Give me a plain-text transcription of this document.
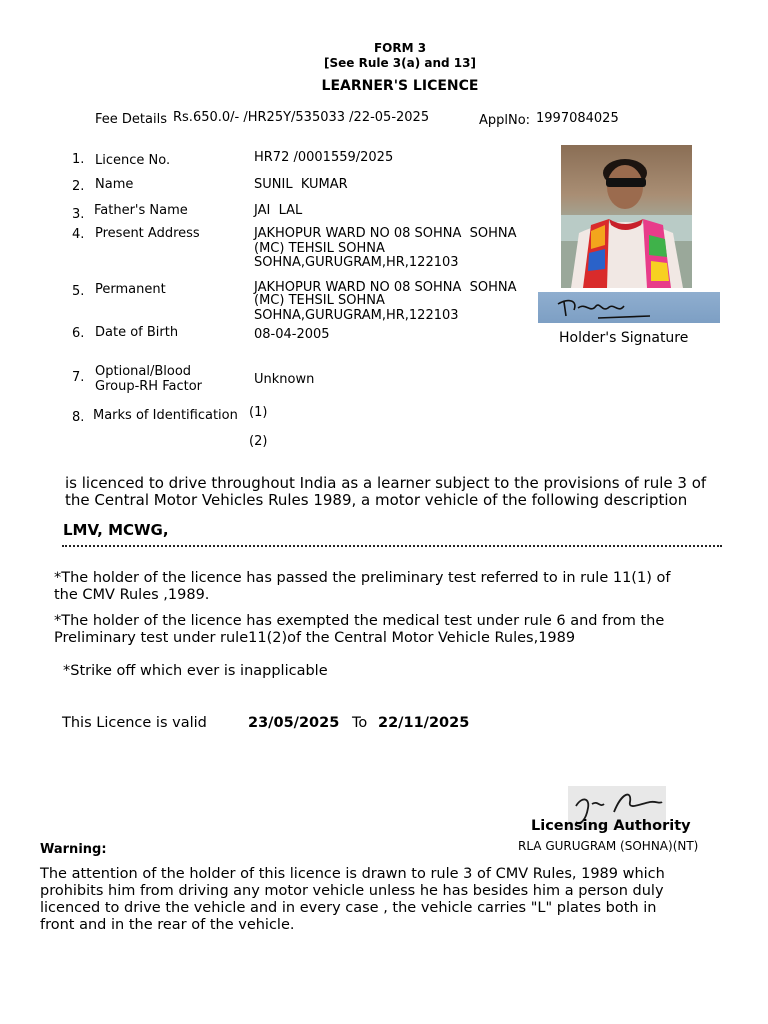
FORM 3
[See Rule 3(a) and 13]
LEARNER'S LICENCE
Fee Details Rs.650.0/- /HR25Y/535033 /22-05-2025	ApplNo: 1997084025
1. Licence No.	HR72 /0001559/2025
2. Name	SUNIL  KUMAR
3. Father's Name	JAI  LAL
4. Present Address	JAKHOPUR WARD NO 08 SOHNA  SOHNA
(MC) TEHSIL SOHNA
SOHNA,GURUGRAM,HR,122103
5. Permanent	JAKHOPUR WARD NO 08 SOHNA  SOHNA
(MC) TEHSIL SOHNA
SOHNA,GURUGRAM,HR,122103
6. Date of Birth	08-04-2005
7. Optional/Blood
Group-RH Factor	Unknown
8. Marks of Identification (1)
(2)
Holder's Signature
is licenced to drive throughout India as a learner subject to the provisions of rule 3 of
the Central Motor Vehicles Rules 1989, a motor vehicle of the following description
LMV, MCWG,
*The holder of the licence has passed the preliminary test referred to in rule 11(1) of
the CMV Rules ,1989.
*The holder of the licence has exempted the medical test under rule 6 and from the
Preliminary test under rule11(2)of the Central Motor Vehicle Rules,1989
*Strike off which ever is inapplicable
This Licence is valid	23/05/2025 To 22/11/2025
Licensing Authority
RLA GURUGRAM (SOHNA)(NT)
Warning:
The attention of the holder of this licence is drawn to rule 3 of CMV Rules, 1989 which
prohibits him from driving any motor vehicle unless he has besides him a person duly
licenced to drive the vehicle and in every case , the vehicle carries "L" plates both in
front and in the rear of the vehicle.
